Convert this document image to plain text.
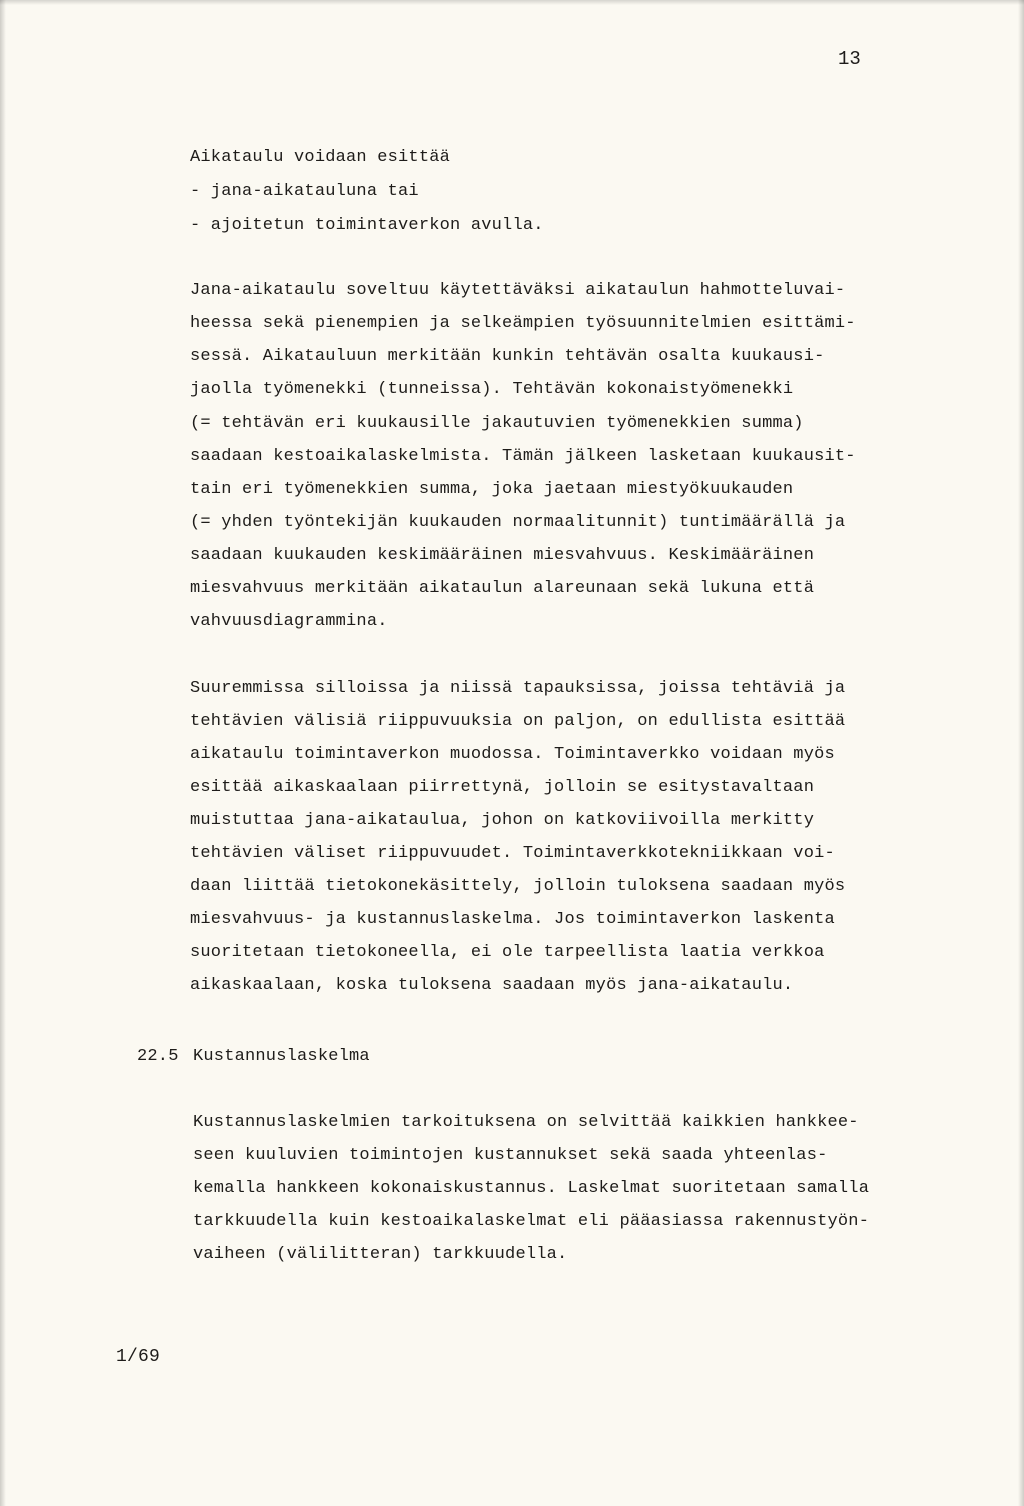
13
Aikataulu voidaan esittää
- jana-aikatauluna tai
- ajoitetun toimintaverkon avulla.
Jana-aikataulu soveltuu käytettäväksi aikataulun hahmotteluvai-
heessa sekä pienempien ja selkeämpien työsuunnitelmien esittämi-
sessä. Aikatauluun merkitään kunkin tehtävän osalta kuukausi-
jaolla työmenekki (tunneissa). Tehtävän kokonaistyömenekki
(= tehtävän eri kuukausille jakautuvien työmenekkien summa)
saadaan kestoaikalaskelmista. Tämän jälkeen lasketaan kuukausit-
tain eri työmenekkien summa, joka jaetaan miestyökuukauden
(= yhden työntekijän kuukauden normaalitunnit) tuntimäärällä ja
saadaan kuukauden keskimääräinen miesvahvuus. Keskimääräinen
miesvahvuus merkitään aikataulun alareunaan sekä lukuna että
vahvuusdiagrammina.
Suuremmissa silloissa ja niissä tapauksissa, joissa tehtäviä ja
tehtävien välisiä riippuvuuksia on paljon, on edullista esittää
aikataulu toimintaverkon muodossa. Toimintaverkko voidaan myös
esittää aikaskaalaan piirrettynä, jolloin se esitystavaltaan
muistuttaa jana-aikataulua, johon on katkoviivoilla merkitty
tehtävien väliset riippuvuudet. Toimintaverkkotekniikkaan voi-
daan liittää tietokonekäsittely, jolloin tuloksena saadaan myös
miesvahvuus- ja kustannuslaskelma. Jos toimintaverkon laskenta
suoritetaan tietokoneella, ei ole tarpeellista laatia verkkoa
aikaskaalaan, koska tuloksena saadaan myös jana-aikataulu.
22.5 Kustannuslaskelma
Kustannuslaskelmien tarkoituksena on selvittää kaikkien hankkee-
seen kuuluvien toimintojen kustannukset sekä saada yhteenlas-
kemalla hankkeen kokonaiskustannus. Laskelmat suoritetaan samalla
tarkkuudella kuin kestoaikalaskelmat eli pääasiassa rakennustyön-
vaiheen (välilitteran) tarkkuudella.
1/69
